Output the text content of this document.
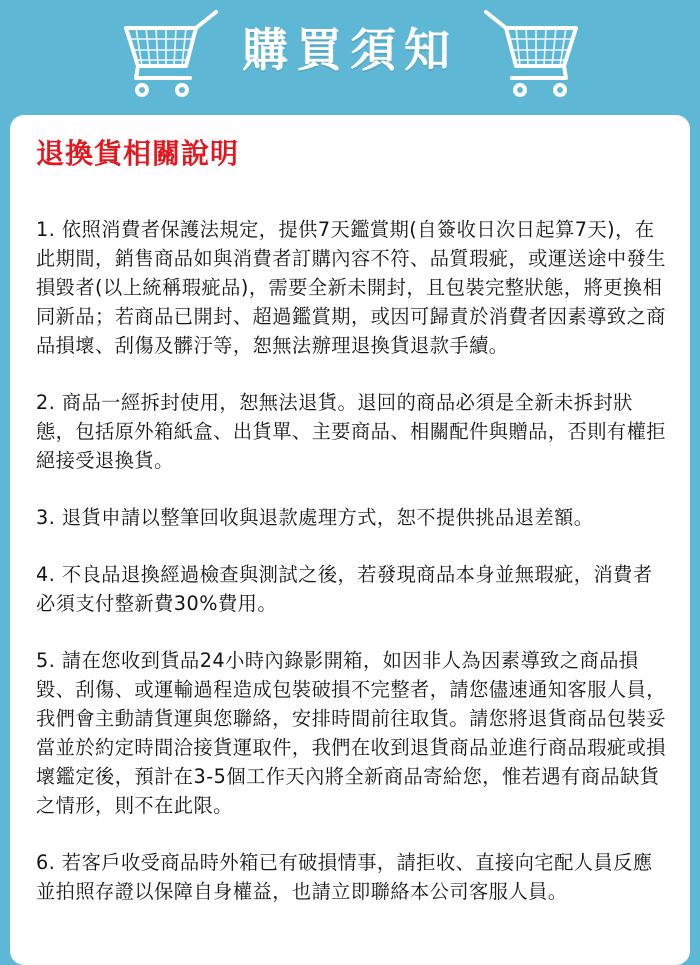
購買須知
退換貨相關說明

1. 依照消費者保護法規定，提供7天鑑賞期(自簽收日次日起算7天)，在此期間，銷售商品如與消費者訂購內容不符、品質瑕疵，或運送途中發生損毀者(以上統稱瑕疵品)，需要全新未開封，且包裝完整狀態，將更換相同新品；若商品已開封、超過鑑賞期，或因可歸責於消費者因素導致之商品損壞、刮傷及髒汙等，恕無法辦理退換貨退款手續。

2. 商品一經拆封使用，恕無法退貨。退回的商品必須是全新未拆封狀態，包括原外箱紙盒、出貨單、主要商品、相關配件與贈品，否則有權拒絕接受退換貨。

3. 退貨申請以整筆回收與退款處理方式，恕不提供挑品退差額。

4. 不良品退換經過檢查與測試之後，若發現商品本身並無瑕疵，消費者必須支付整新費30%費用。

5. 請在您收到貨品24小時內錄影開箱，如因非人為因素導致之商品損毀、刮傷、或運輸過程造成包裝破損不完整者，請您儘速通知客服人員，我們會主動請貨運與您聯絡，安排時間前往取貨。請您將退貨商品包裝妥當並於約定時間洽接貨運取件，我們在收到退貨商品並進行商品瑕疵或損壞鑑定後，預計在3-5個工作天內將全新商品寄給您，惟若遇有商品缺貨之情形，則不在此限。

6. 若客戶收受商品時外箱已有破損情事，請拒收、直接向宅配人員反應並拍照存證以保障自身權益，也請立即聯絡本公司客服人員。
